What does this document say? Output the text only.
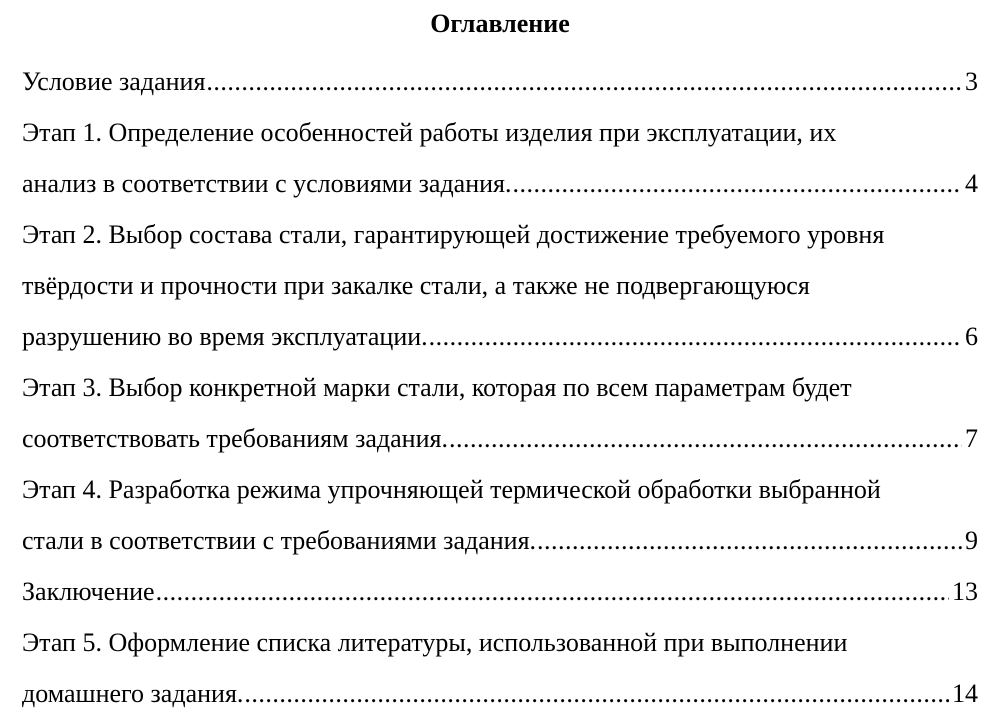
Оглавление
Условие задания .....	3
Этап 1. Определение особенностей работы изделия при эксплуатации, их
анализ в соответствии с условиями задания. .....	4
Этап 2. Выбор состава стали, гарантирующей достижение требуемого уровня
твёрдости и прочности при закалке стали, а также не подвергающуюся
разрушению во время эксплуатации. .....	6
Этап 3. Выбор конкретной марки стали, которая по всем параметрам будет
соответствовать требованиям задания. .....	7
Этап 4. Разработка режима упрочняющей термической обработки выбранной
стали в соответствии с требованиями задания. .....	9
Заключение .....	13
Этап 5. Оформление списка литературы, использованной при выполнении
домашнего задания. .....	14
